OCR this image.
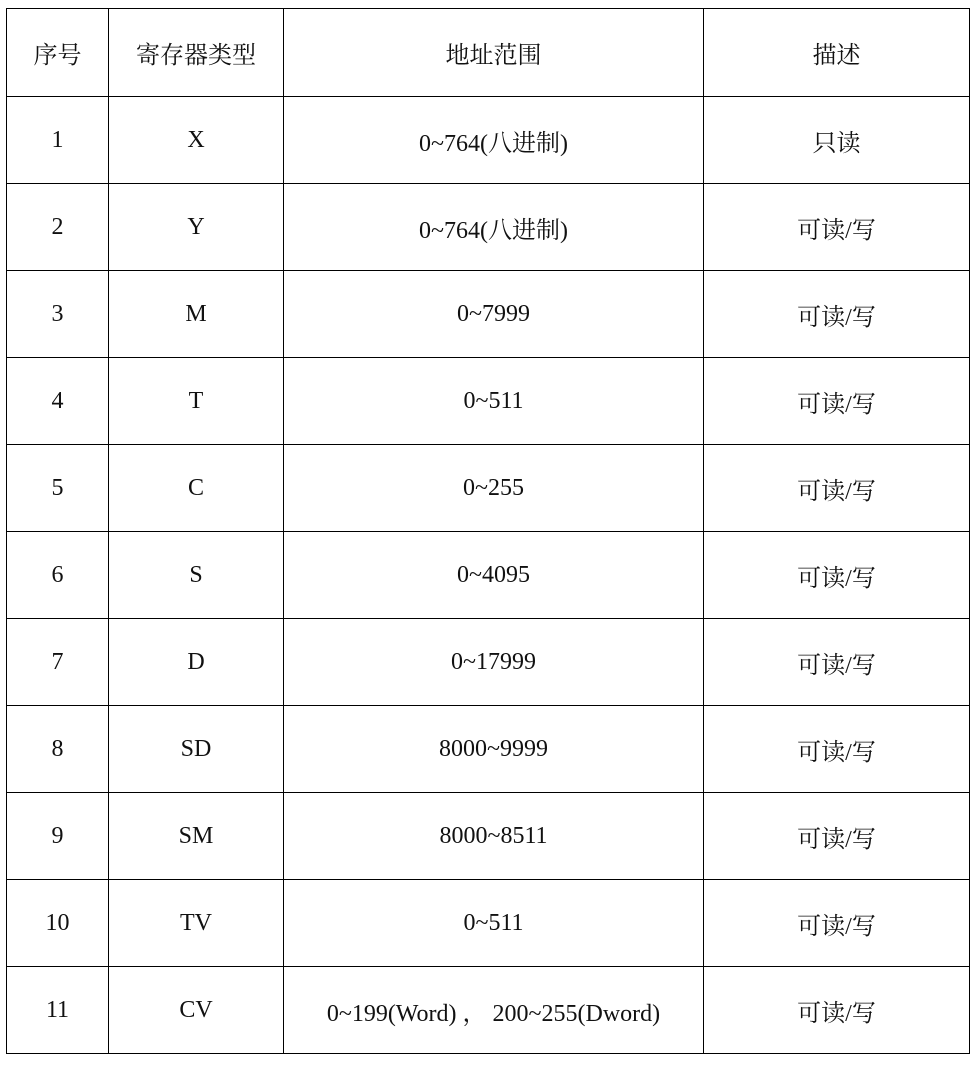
序号	寄存器类型	地址范围	描述
1	X	0~764(八进制)	只读
2	Y	0~764(八进制)	可读/写
3	M	0~7999	可读/写
4	T	0~511	可读/写
5	C	0~255	可读/写
6	S	0~4095	可读/写
7	D	0~17999	可读/写
8	SD	8000~9999	可读/写
9	SM	8000~8511	可读/写
10	TV	0~511	可读/写
11	CV	0~199(Word) ， 200~255(Dword)	可读/写
